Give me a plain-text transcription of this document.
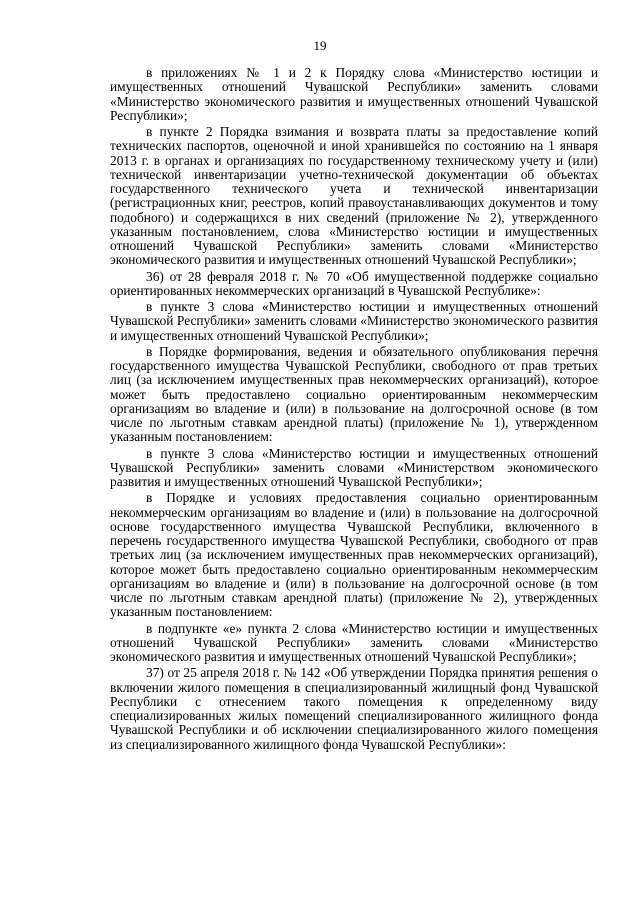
19

в приложениях № 1 и 2 к Порядку слова «Министерство юстиции и имущественных отношений Чувашской Республики» заменить словами «Министерство экономического развития и имущественных отношений Чувашской Республики»;

в пункте 2 Порядка взимания и возврата платы за предоставление копий технических паспортов, оценочной и иной хранившейся по состоянию на 1 января 2013 г. в органах и организациях по государственному техническому учету и (или) технической инвентаризации учетно-технической документации об объектах государственного технического учета и технической инвентаризации (регистрационных книг, реестров, копий правоустанавливающих документов и тому подобного) и содержащихся в них сведений (приложение № 2), утвержденного указанным постановлением, слова «Министерство юстиции и имущественных отношений Чувашской Республики» заменить словами «Министерство экономического развития и имущественных отношений Чувашской Республики»;

36) от 28 февраля 2018 г. № 70 «Об имущественной поддержке социально ориентированных некоммерческих организаций в Чувашской Республике»:

в пункте 3 слова «Министерство юстиции и имущественных отношений Чувашской Республики» заменить словами «Министерство экономического развития и имущественных отношений Чувашской Республики»;

в Порядке формирования, ведения и обязательного опубликования перечня государственного имущества Чувашской Республики, свободного от прав третьих лиц (за исключением имущественных прав некоммерческих организаций), которое может быть предоставлено социально ориентированным некоммерческим организациям во владение и (или) в пользование на долгосрочной основе (в том числе по льготным ставкам арендной платы) (приложение № 1), утвержденном указанным постановлением:

в пункте 3 слова «Министерство юстиции и имущественных отношений Чувашской Республики» заменить словами «Министерством экономического развития и имущественных отношений Чувашской Республики»;

в Порядке и условиях предоставления социально ориентированным некоммерческим организациям во владение и (или) в пользование на долгосрочной основе государственного имущества Чувашской Республики, включенного в перечень государственного имущества Чувашской Республики, свободного от прав третьих лиц (за исключением имущественных прав некоммерческих организаций), которое может быть предоставлено социально ориентированным некоммерческим организациям во владение и (или) в пользование на долгосрочной основе (в том числе по льготным ставкам арендной платы) (приложение № 2), утвержденных указанным постановлением:

в подпункте «е» пункта 2 слова «Министерство юстиции и имущественных отношений Чувашской Республики» заменить словами «Министерство экономического развития и имущественных отношений Чувашской Республики»;

37) от 25 апреля 2018 г. № 142 «Об утверждении Порядка принятия решения о включении жилого помещения в специализированный жилищный фонд Чувашской Республики с отнесением такого помещения к определенному виду специализированных жилых помещений специализированного жилищного фонда Чувашской Республики и об исключении специализированного жилого помещения из специализированного жилищного фонда Чувашской Республики»:
